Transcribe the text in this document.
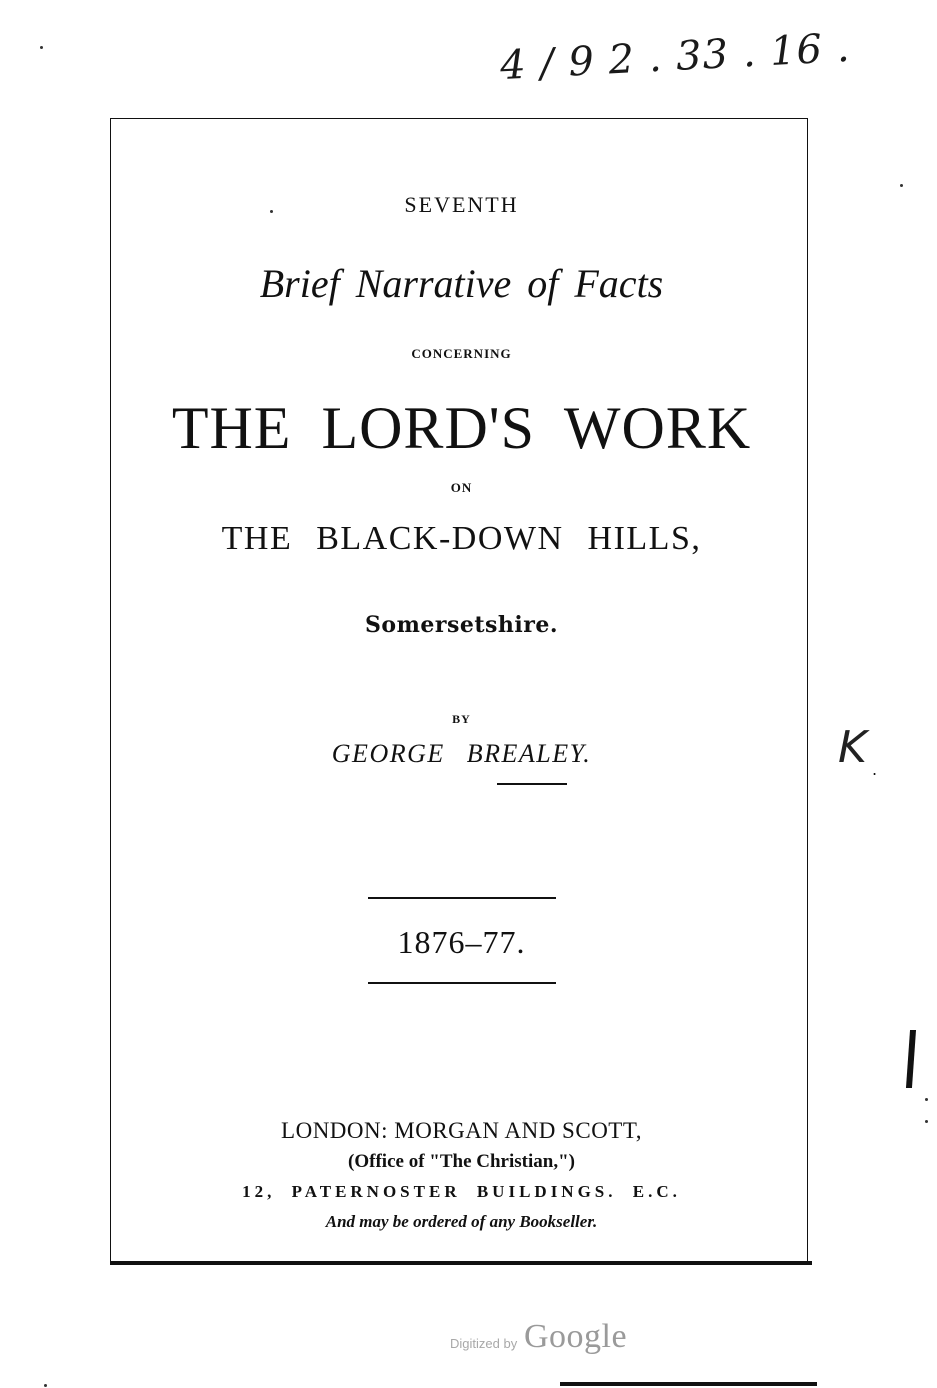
4 / 9 2 . 33 . 16 .
K .
SEVENTH
Brief Narrative of Facts
CONCERNING
THE LORD'S WORK
ON
THE BLACK-DOWN HILLS,
Somersetshire.
BY
GEORGE BREALEY.
1876–77.
LONDON: MORGAN AND SCOTT,
(Office of "The Christian,")
12, PATERNOSTER BUILDINGS. E.C.
And may be ordered of any Bookseller.
Digitized by Google
